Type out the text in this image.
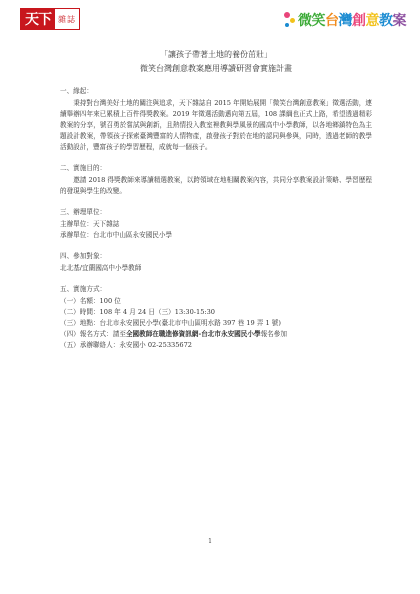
天下 雜誌	微笑台灣創意教案
「讓孩子帶著土地的養份茁壯」
微笑台灣創意教案應用導讀研習會實施計畫
一、緣起：

秉持對台灣美好土地的關注與追求，天下雜誌自 2015 年開始展開「微笑台灣創意教案」徵選活動，連續舉辦四年來已累積上百件得獎教案。2019 年徵選活動邁向第五屆，108 課綱也正式上路，希望透過精彩教案的分享，號召勇於嘗試與創新，且熱情投入教室裡教與學風景的國高中小學教師，以各地鄉鎮特色為主題設計教案，帶領孩子探索臺灣豐富的人情物產，啟發孩子對於在地的認同與參與，同時，透過老師的教學活動設計，豐富孩子的學習歷程，成就每一個孩子。

二、實施目的：

邀請 2018 得獎教師來導讀精選教案，以跨領域在地相關教案內容，共同分享教案設計策略、學習歷程的發現與學生的改變。

三、辦理單位：
主辦單位：天下雜誌
承辦單位：台北市中山區永安國民小學
四、參加對象：
北北基/宜蘭國高中小學教師
五、實施方式：
（一）名額：100 位
（二）時間：108 年 4 月 24 日（三）13:30-15:30
（三）地點：台北市永安國民小學(臺北市中山區明水路 397 巷 19 弄 1 號)
（四）報名方式：請至全國教師在職進修資訊網-台北市永安國民小學報名參加
（五）承辦聯絡人：永安國小 02-25335672
1
